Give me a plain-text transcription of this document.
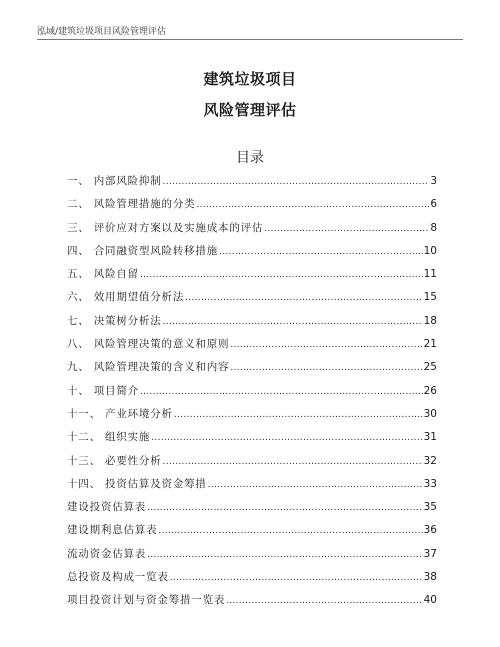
泓域/建筑垃圾项目风险管理评估
建筑垃圾项目
风险管理评估
目录
一、 内部风险抑制 .....	3
二、 风险管理措施的分类 .....	6
三、 评价应对方案以及实施成本的评估 .....	8
四、 合同融资型风险转移措施 .....	10
五、 风险自留 .....	11
六、 效用期望值分析法 .....	15
七、 决策树分析法 .....	18
八、 风险管理决策的意义和原则 .....	21
九、 风险管理决策的含义和内容 .....	25
十、 项目简介 .....	26
十一、 产业环境分析 .....	30
十二、 组织实施 .....	31
十三、 必要性分析 .....	32
十四、 投资估算及资金筹措 .....	33
建设投资估算表 .....	35
建设期利息估算表 .....	36
流动资金估算表 .....	37
总投资及构成一览表 .....	38
项目投资计划与资金筹措一览表 .....	40
